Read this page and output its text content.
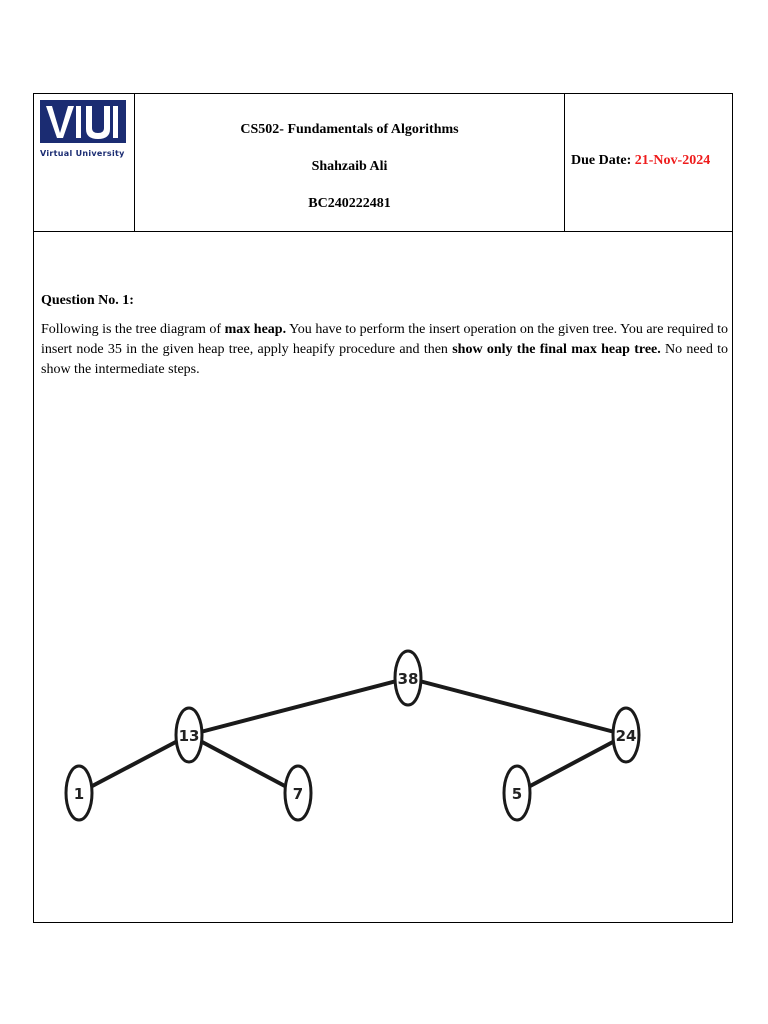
Virtual University
CS502- Fundamentals of Algorithms
Shahzaib Ali
BC240222481
Due Date: 21-Nov-2024
Question No. 1:
Following is the tree diagram of max heap. You have to perform the insert operation on the given tree. You are required to insert node 35 in the given heap tree, apply heapify procedure and then show only the final max heap tree. No need to show the intermediate steps.
38
13	24
1	7	5
